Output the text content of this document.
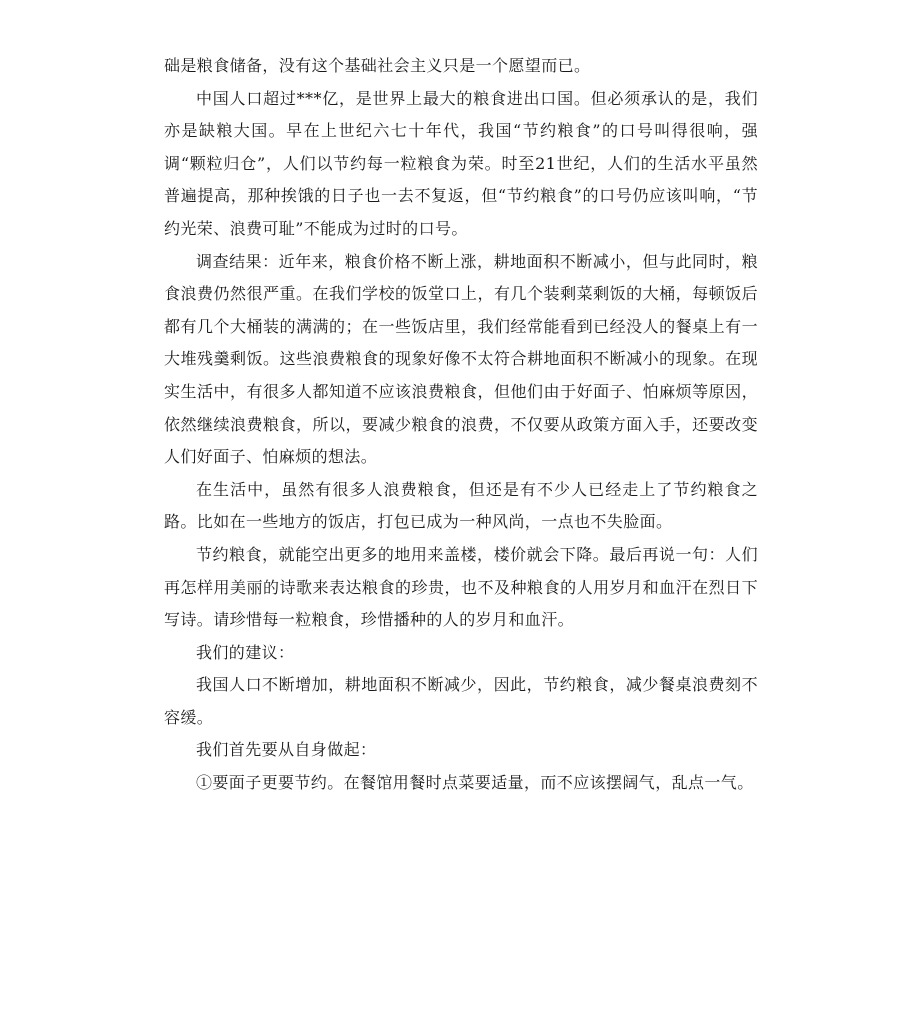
础是粮食储备，没有这个基础社会主义只是一个愿望而已。

中国人口超过***亿，是世界上最大的粮食进出口国。但必须承认的是，我们亦是缺粮大国。早在上世纪六七十年代，我国“节约粮食”的口号叫得很响，强调“颗粒归仓”，人们以节约每一粒粮食为荣。时至21世纪，人们的生活水平虽然普遍提高，那种挨饿的日子也一去不复返，但“节约粮食”的口号仍应该叫响，“节约光荣、浪费可耻”不能成为过时的口号。

调查结果：近年来，粮食价格不断上涨，耕地面积不断减小，但与此同时，粮食浪费仍然很严重。在我们学校的饭堂口上，有几个装剩菜剩饭的大桶，每顿饭后都有几个大桶装的满满的；在一些饭店里，我们经常能看到已经没人的餐桌上有一大堆残羹剩饭。这些浪费粮食的现象好像不太符合耕地面积不断减小的现象。在现实生活中，有很多人都知道不应该浪费粮食，但他们由于好面子、怕麻烦等原因，依然继续浪费粮食，所以，要减少粮食的浪费，不仅要从政策方面入手，还要改变人们好面子、怕麻烦的想法。

在生活中，虽然有很多人浪费粮食，但还是有不少人已经走上了节约粮食之路。比如在一些地方的饭店，打包已成为一种风尚，一点也不失脸面。

节约粮食，就能空出更多的地用来盖楼，楼价就会下降。最后再说一句：人们再怎样用美丽的诗歌来表达粮食的珍贵，也不及种粮食的人用岁月和血汗在烈日下写诗。请珍惜每一粒粮食，珍惜播种的人的岁月和血汗。

我们的建议：

我国人口不断增加，耕地面积不断减少，因此，节约粮食，减少餐桌浪费刻不容缓。

我们首先要从自身做起：

①要面子更要节约。在餐馆用餐时点菜要适量，而不应该摆阔气，乱点一气。
